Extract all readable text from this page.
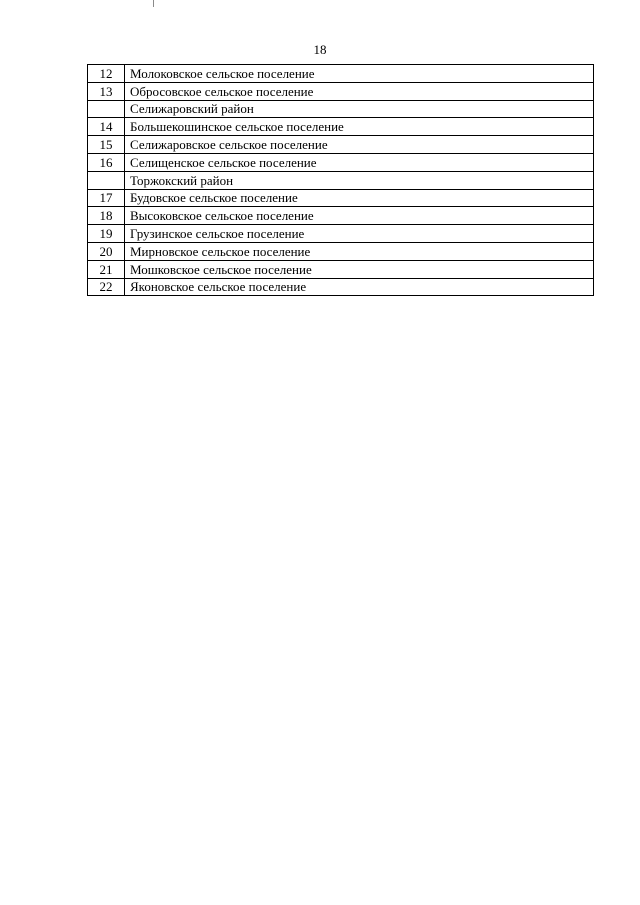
18
12	Молоковское сельское поселение
13	Обросовское сельское поселение
	Селижаровский район
14	Большекошинское сельское поселение
15	Селижаровское сельское поселение
16	Селищенское сельское поселение
	Торжокский район
17	Будовское сельское поселение
18	Высоковское сельское поселение
19	Грузинское сельское поселение
20	Мирновское сельское поселение
21	Мошковское сельское поселение
22	Яконовское сельское поселение
